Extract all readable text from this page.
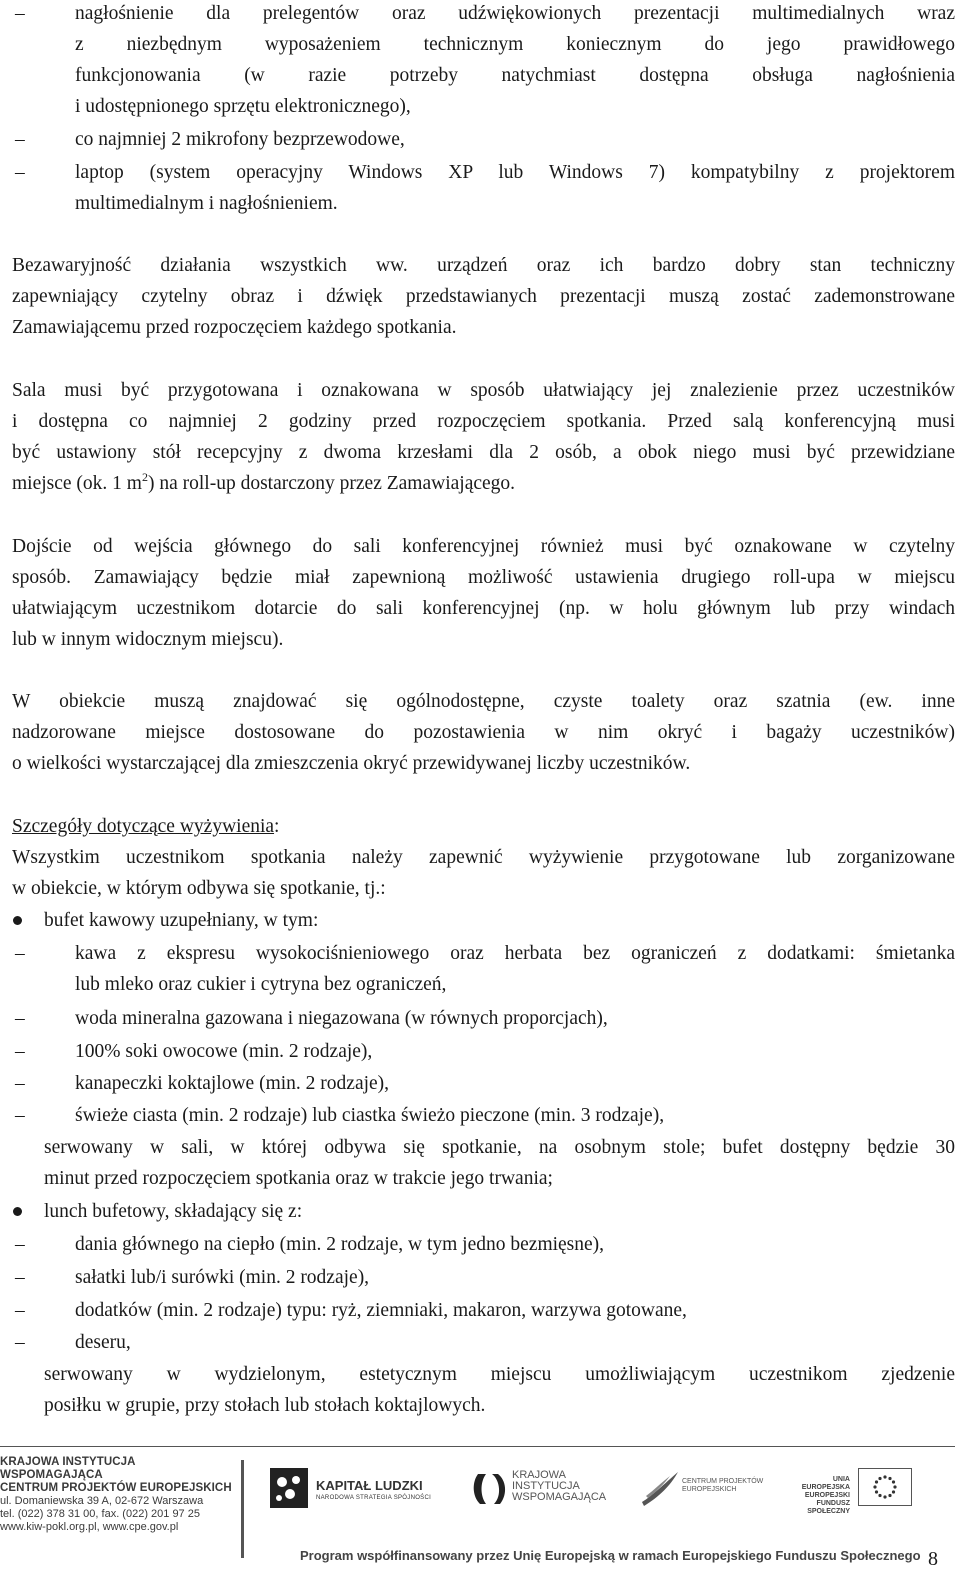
–	nagłośnienie dla prelegentów oraz udźwiękowionych prezentacji multimedialnych wraz
z niezbędnym wyposażeniem technicznym koniecznym do jego prawidłowego
funkcjonowania (w razie potrzeby natychmiast dostępna obsługa nagłośnienia
i udostępnionego sprzętu elektronicznego),
–	co najmniej 2 mikrofony bezprzewodowe,
–	laptop (system operacyjny Windows XP lub Windows 7) kompatybilny z projektorem
multimedialnym i nagłośnieniem.
Bezawaryjność działania wszystkich ww. urządzeń oraz ich bardzo dobry stan techniczny
zapewniający czytelny obraz i dźwięk przedstawianych prezentacji muszą zostać zademonstrowane
Zamawiającemu przed rozpoczęciem każdego spotkania.
Sala musi być przygotowana i oznakowana w sposób ułatwiający jej znalezienie przez uczestników
i dostępna co najmniej 2 godziny przed rozpoczęciem spotkania. Przed salą konferencyjną musi
być ustawiony stół recepcyjny z dwoma krzesłami dla 2 osób, a obok niego musi być przewidziane
miejsce (ok. 1 $m^2$) na roll-up dostarczony przez Zamawiającego.
Dojście od wejścia głównego do sali konferencyjnej również musi być oznakowane w czytelny
sposób. Zamawiający będzie miał zapewnioną możliwość ustawienia drugiego roll-upa w miejscu
ułatwiającym uczestnikom dotarcie do sali konferencyjnej (np. w holu głównym lub przy windach
lub w innym widocznym miejscu).
W obiekcie muszą znajdować się ogólnodostępne, czyste toalety oraz szatnia (ew. inne
nadzorowane miejsce dostosowane do pozostawienia w nim okryć i bagaży uczestników)
o wielkości wystarczającej dla zmieszczenia okryć przewidywanej liczby uczestników.
Szczegóły dotyczące wyżywienia:
Wszystkim uczestnikom spotkania należy zapewnić wyżywienie przygotowane lub zorganizowane
w obiekcie, w którym odbywa się spotkanie, tj.:
bufet kawowy uzupełniany, w tym:
–	kawa z ekspresu wysokociśnieniowego oraz herbata bez ograniczeń z dodatkami: śmietanka
lub mleko oraz cukier i cytryna bez ograniczeń,
–	woda mineralna gazowana i niegazowana (w równych proporcjach),
–	100% soki owocowe (min. 2 rodzaje),
–	kanapeczki koktajlowe (min. 2 rodzaje),
–	świeże ciasta (min. 2 rodzaje) lub ciastka świeżo pieczone (min. 3 rodzaje),
serwowany w sali, w której odbywa się spotkanie, na osobnym stole; bufet dostępny będzie 30
minut przed rozpoczęciem spotkania oraz w trakcie jego trwania;
lunch bufetowy, składający się z:
–	dania głównego na ciepło (min. 2 rodzaje, w tym jedno bezmięsne),
–	sałatki lub/i surówki (min. 2 rodzaje),
–	dodatków (min. 2 rodzaje) typu: ryż, ziemniaki, makaron, warzywa gotowane,
–	deseru,
serwowany w wydzielonym, estetycznym miejscu umożliwiającym uczestnikom zjedzenie
posiłku w grupie, przy stołach lub stołach koktajlowych.
KRAJOWA INSTYTUCJA WSPOMAGAJĄCA
CENTRUM PROJEKTÓW EUROPEJSKICH
ul. Domaniewska 39 A, 02-672 Warszawa
tel. (022) 378 31 00, fax. (022) 201 97 25
www.kiw-pokl.org.pl, www.cpe.gov.pl
KAPITAŁ LUDZKI
NARODOWA STRATEGIA SPÓJNOŚCI
KRAJOWA
INSTYTUCJA
WSPOMAGAJĄCA
CENTRUM PROJEKTÓW
EUROPEJSKICH
UNIA EUROPEJSKA
EUROPEJSKI
FUNDUSZ SPOŁECZNY
Program współfinansowany przez Unię Europejską w ramach Europejskiego Funduszu Społecznego 8
